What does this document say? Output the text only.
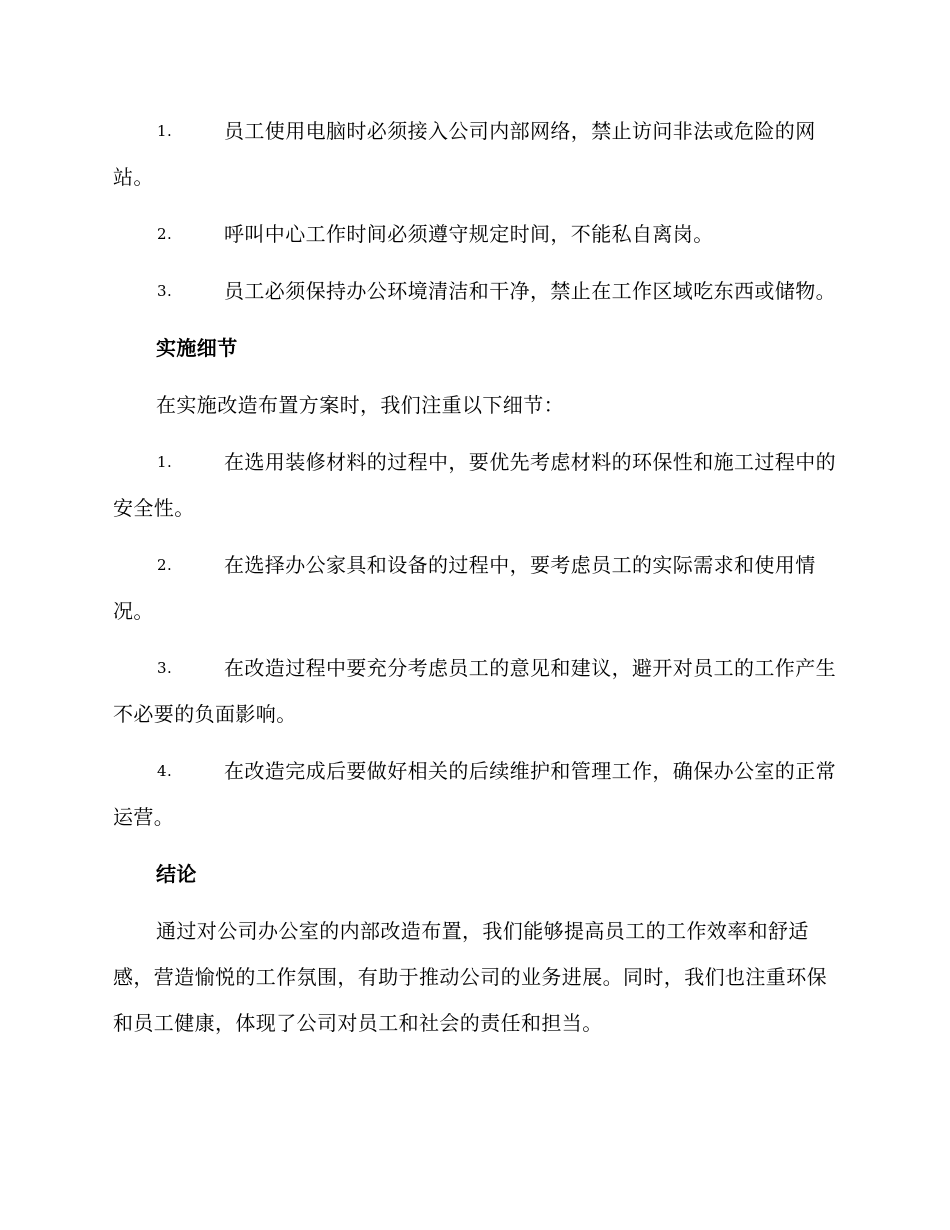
1.	员工使用电脑时必须接入公司内部网络，禁止访问非法或危险的网站。
2.	呼叫中心工作时间必须遵守规定时间，不能私自离岗。
3.	员工必须保持办公环境清洁和干净，禁止在工作区域吃东西或储物。
实施细节
在实施改造布置方案时，我们注重以下细节：
1.	在选用装修材料的过程中，要优先考虑材料的环保性和施工过程中的安全性。
2.	在选择办公家具和设备的过程中，要考虑员工的实际需求和使用情况。
3.	在改造过程中要充分考虑员工的意见和建议，避开对员工的工作产生不必要的负面影响。
4.	在改造完成后要做好相关的后续维护和管理工作，确保办公室的正常运营。
结论
通过对公司办公室的内部改造布置，我们能够提高员工的工作效率和舒适感，营造愉悦的工作氛围，有助于推动公司的业务进展。同时，我们也注重环保和员工健康，体现了公司对员工和社会的责任和担当。
